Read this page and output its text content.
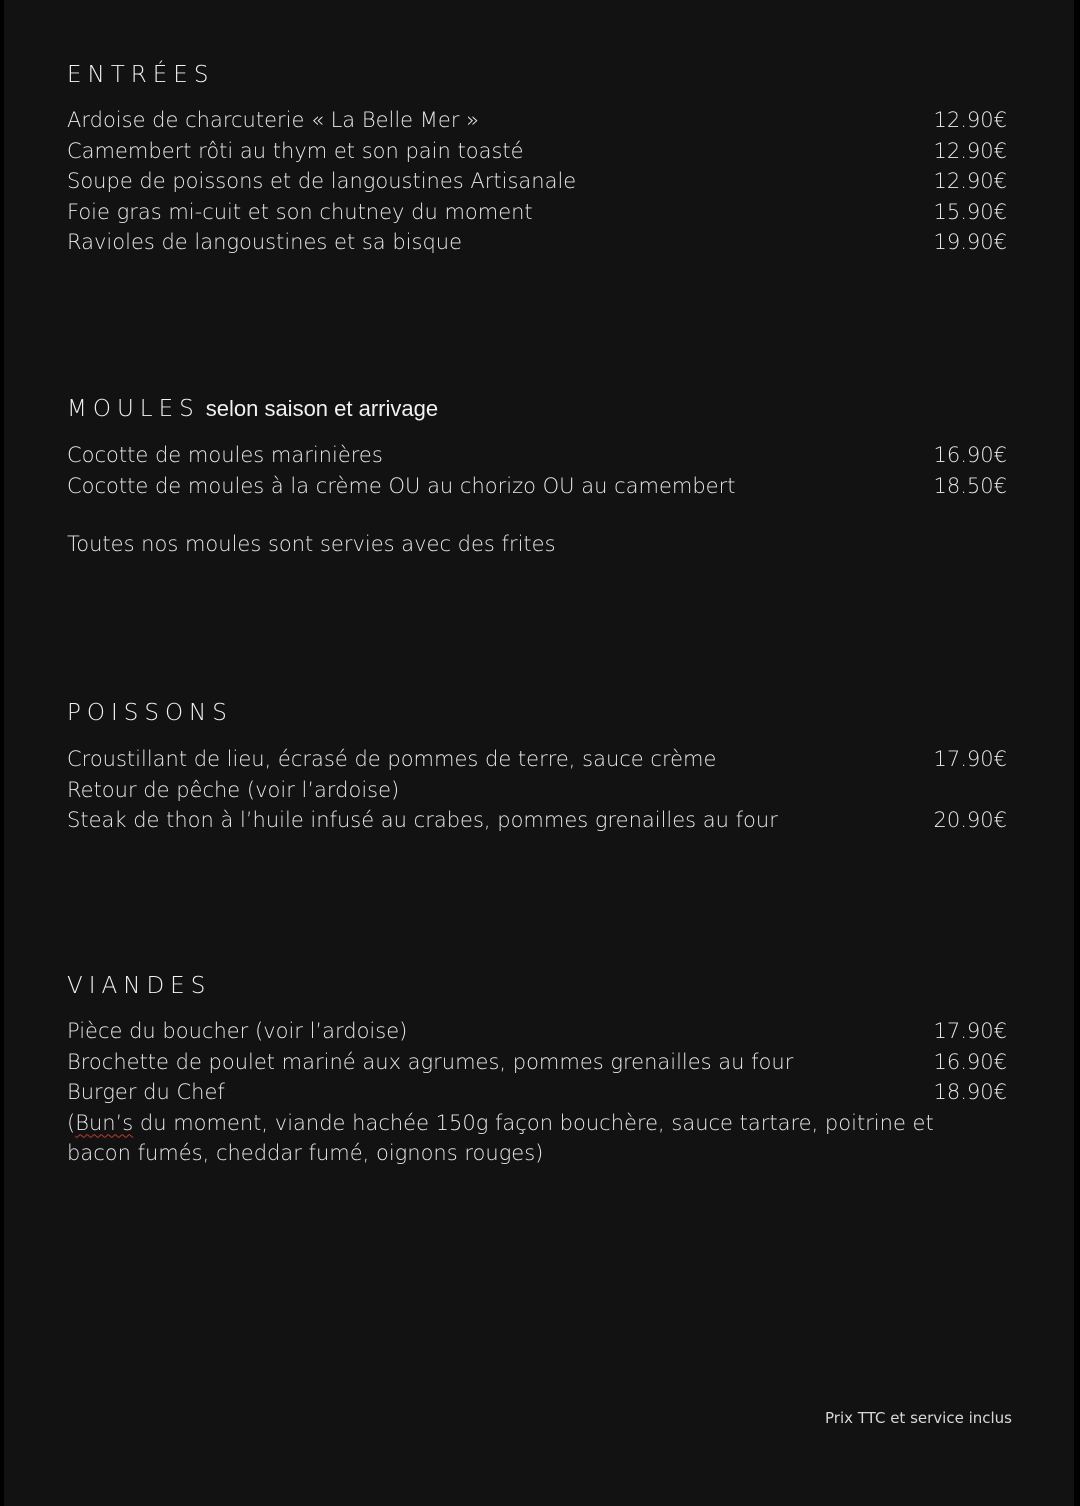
ENTRÉES
Ardoise de charcuterie « La Belle Mer »	12.90€
Camembert rôti au thym et son pain toasté	12.90€
Soupe de poissons et de langoustines Artisanale	12.90€
Foie gras mi-cuit et son chutney du moment	15.90€
Ravioles de langoustines et sa bisque	19.90€
MOULES selon saison et arrivage
Cocotte de moules marinières	16.90€
Cocotte de moules à la crème OU au chorizo OU au camembert	18.50€
Toutes nos moules sont servies avec des frites
POISSONS
Croustillant de lieu, écrasé de pommes de terre, sauce crème	17.90€
Retour de pêche (voir l’ardoise)
Steak de thon à l’huile infusé au crabes, pommes grenailles au four	20.90€
VIANDES
Pièce du boucher (voir l’ardoise)	17.90€
Brochette de poulet mariné aux agrumes, pommes grenailles au four	16.90€
Burger du Chef	18.90€
(Bun’s du moment, viande hachée 150g façon bouchère, sauce tartare, poitrine et bacon fumés, cheddar fumé, oignons rouges)
Prix TTC et service inclus
